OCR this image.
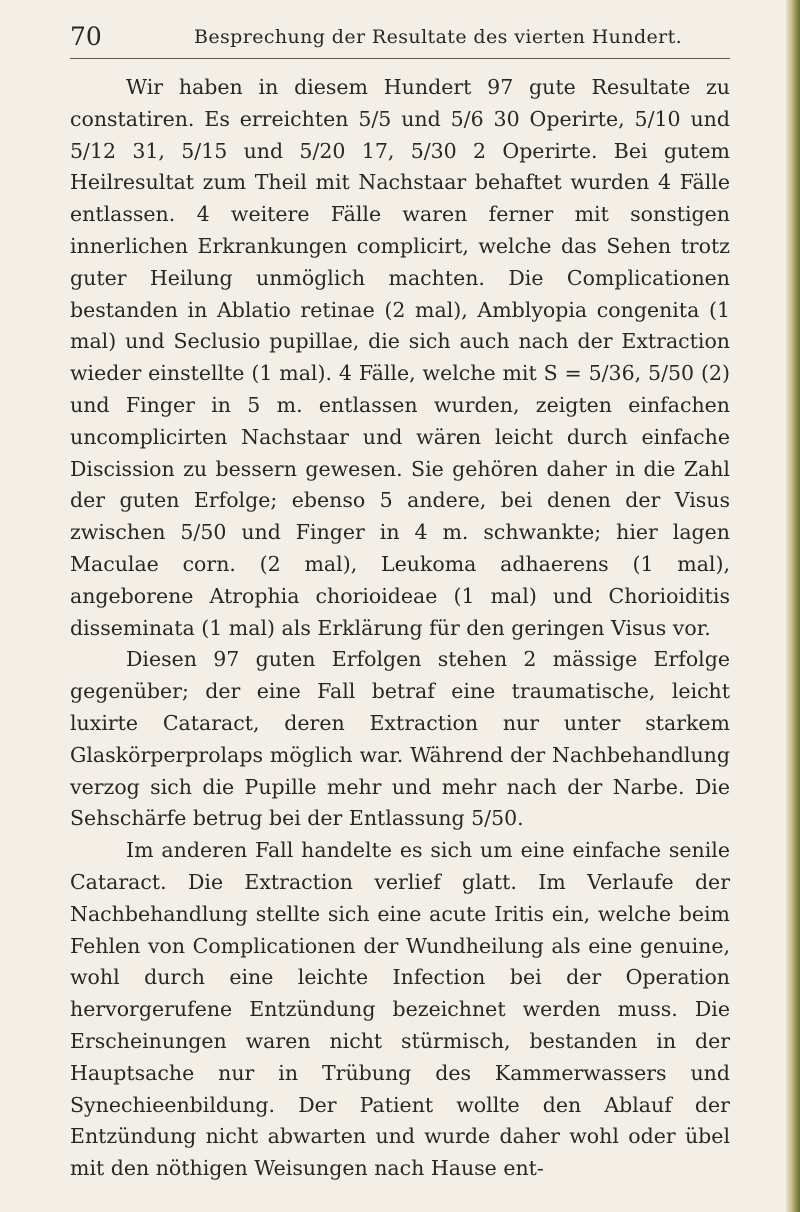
70	Besprechung der Resultate des vierten Hundert.

Wir haben in diesem Hundert 97 gute Resultate zu constatiren. Es erreichten 5/5 und 5/6 30 Operirte, 5/10 und 5/12 31, 5/15 und 5/20 17, 5/30 2 Operirte. Bei gutem Heilresultat zum Theil mit Nachstaar behaftet wurden 4 Fälle entlassen. 4 weitere Fälle waren ferner mit sonstigen innerlichen Erkrankungen complicirt, welche das Sehen trotz guter Heilung unmöglich machten. Die Complicationen bestanden in Ablatio retinae (2 mal), Amblyopia congenita (1 mal) und Seclusio pupillae, die sich auch nach der Extraction wieder einstellte (1 mal). 4 Fälle, welche mit S = 5/36, 5/50 (2) und Finger in 5 m. entlassen wurden, zeigten einfachen uncomplicirten Nachstaar und wären leicht durch einfache Discission zu bessern gewesen. Sie gehören daher in die Zahl der guten Erfolge; ebenso 5 andere, bei denen der Visus zwischen 5/50 und Finger in 4 m. schwankte; hier lagen Maculae corn. (2 mal), Leukoma adhaerens (1 mal), angeborene Atrophia chorioideae (1 mal) und Chorioiditis disseminata (1 mal) als Erklärung für den geringen Visus vor.

Diesen 97 guten Erfolgen stehen 2 mässige Erfolge gegenüber; der eine Fall betraf eine traumatische, leicht luxirte Cataract, deren Extraction nur unter starkem Glaskörperprolaps möglich war. Während der Nachbehandlung verzog sich die Pupille mehr und mehr nach der Narbe. Die Sehschärfe betrug bei der Entlassung 5/50.

Im anderen Fall handelte es sich um eine einfache senile Cataract. Die Extraction verlief glatt. Im Verlaufe der Nachbehandlung stellte sich eine acute Iritis ein, welche beim Fehlen von Complicationen der Wundheilung als eine genuine, wohl durch eine leichte Infection bei der Operation hervorgerufene Entzündung bezeichnet werden muss. Die Erscheinungen waren nicht stürmisch, bestanden in der Hauptsache nur in Trübung des Kammerwassers und Synechieenbildung. Der Patient wollte den Ablauf der Entzündung nicht abwarten und wurde daher wohl oder übel mit den nöthigen Weisungen nach Hause ent-
